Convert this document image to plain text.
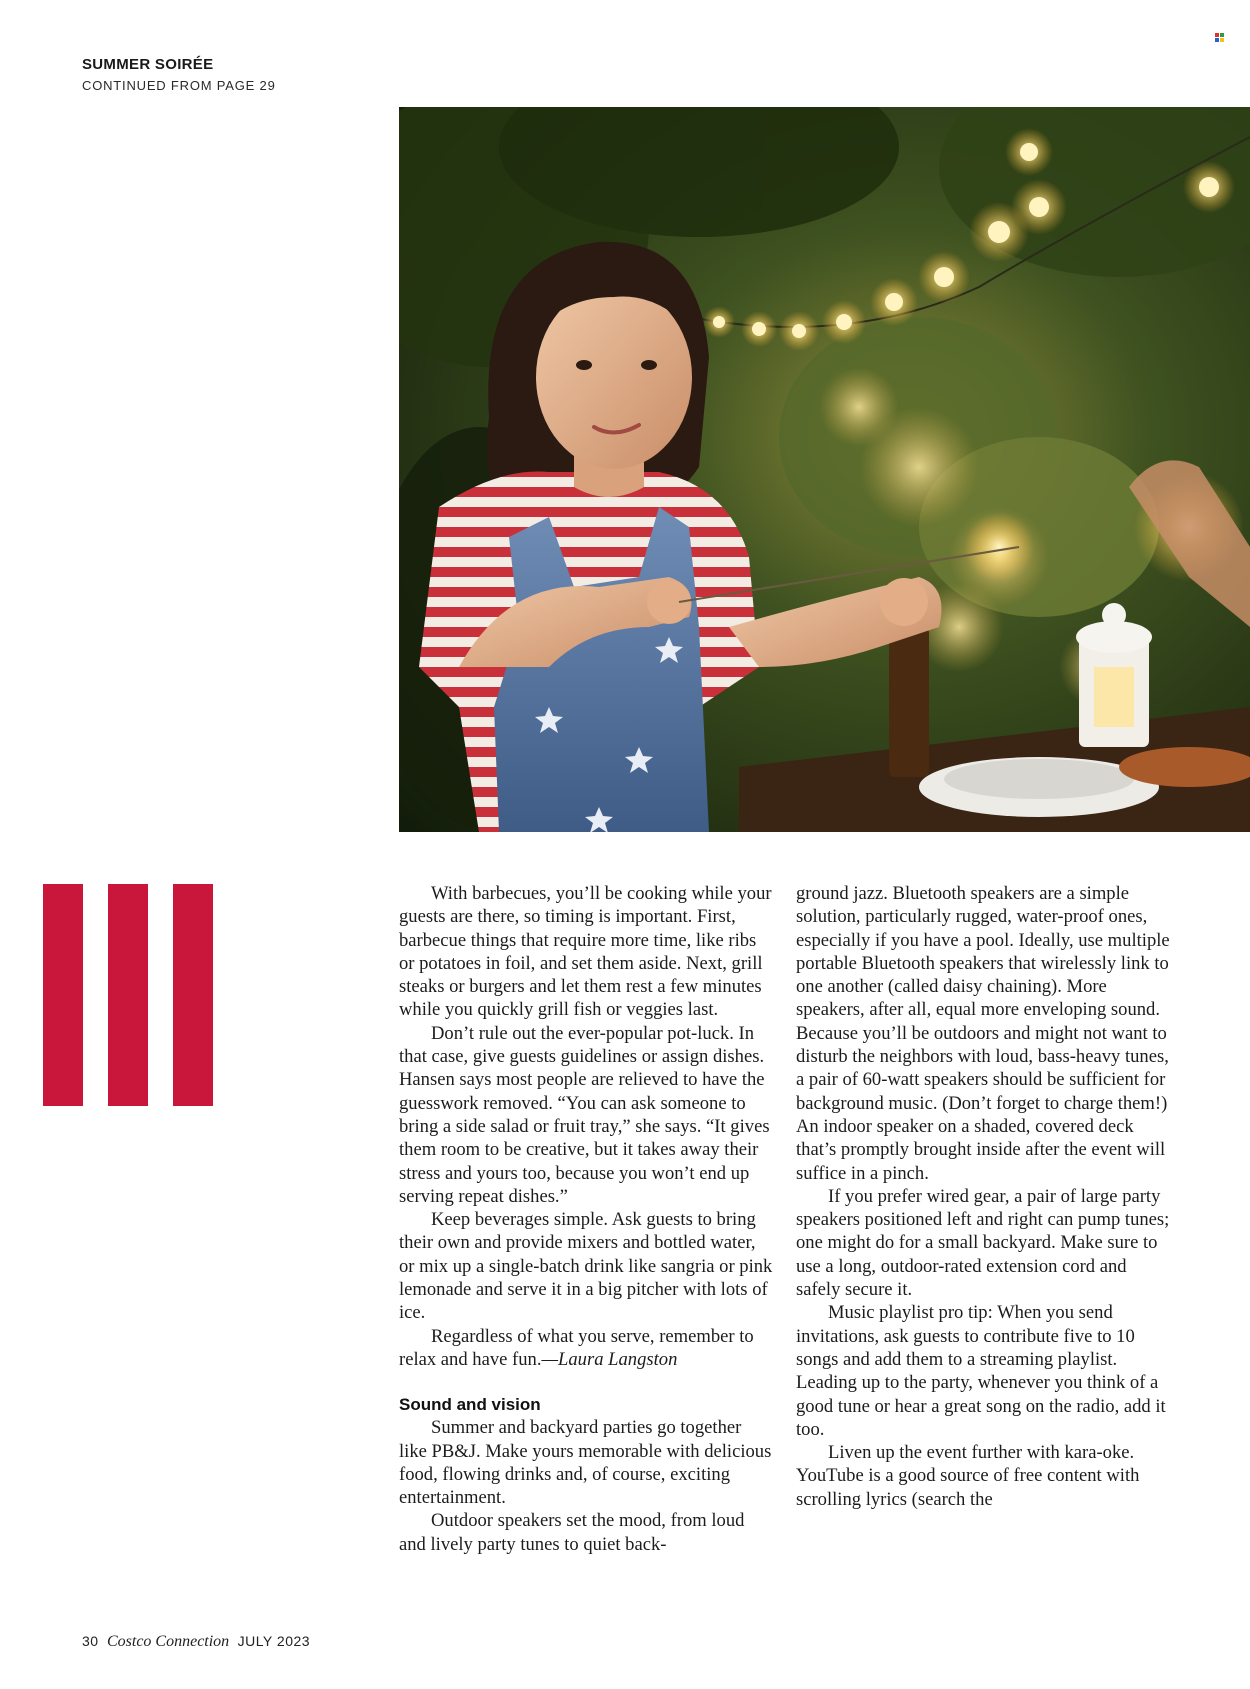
SUMMER SOIRÉE
CONTINUED FROM PAGE 29

With barbecues, you’ll be cooking while your guests are there, so timing is important. First, barbecue things that require more time, like ribs or potatoes in foil, and set them aside. Next, grill steaks or burgers and let them rest a few minutes while you quickly grill fish or veggies last.

Don’t rule out the ever-popular pot-luck. In that case, give guests guidelines or assign dishes. Hansen says most people are relieved to have the guesswork removed. “You can ask someone to bring a side salad or fruit tray,” she says. “It gives them room to be creative, but it takes away their stress and yours too, because you won’t end up serving repeat dishes.”

Keep beverages simple. Ask guests to bring their own and provide mixers and bottled water, or mix up a single-batch drink like sangria or pink lemonade and serve it in a big pitcher with lots of ice.

Regardless of what you serve, remember to relax and have fun.—Laura Langston

Sound and vision

Summer and backyard parties go together like PB&J. Make yours memorable with delicious food, flowing drinks and, of course, exciting entertainment.

Outdoor speakers set the mood, from loud and lively party tunes to quiet back-

ground jazz. Bluetooth speakers are a simple solution, particularly rugged, water-proof ones, especially if you have a pool. Ideally, use multiple portable Bluetooth speakers that wirelessly link to one another (called daisy chaining). More speakers, after all, equal more enveloping sound. Because you’ll be outdoors and might not want to disturb the neighbors with loud, bass-heavy tunes, a pair of 60-watt speakers should be sufficient for background music. (Don’t forget to charge them!) An indoor speaker on a shaded, covered deck that’s promptly brought inside after the event will suffice in a pinch.

If you prefer wired gear, a pair of large party speakers positioned left and right can pump tunes; one might do for a small backyard. Make sure to use a long, outdoor-rated extension cord and safely secure it.

Music playlist pro tip: When you send invitations, ask guests to contribute five to 10 songs and add them to a streaming playlist. Leading up to the party, whenever you think of a good tune or hear a great song on the radio, add it too.

Liven up the event further with kara-oke. YouTube is a good source of free content with scrolling lyrics (search the

30 Costco Connection JULY 2023
